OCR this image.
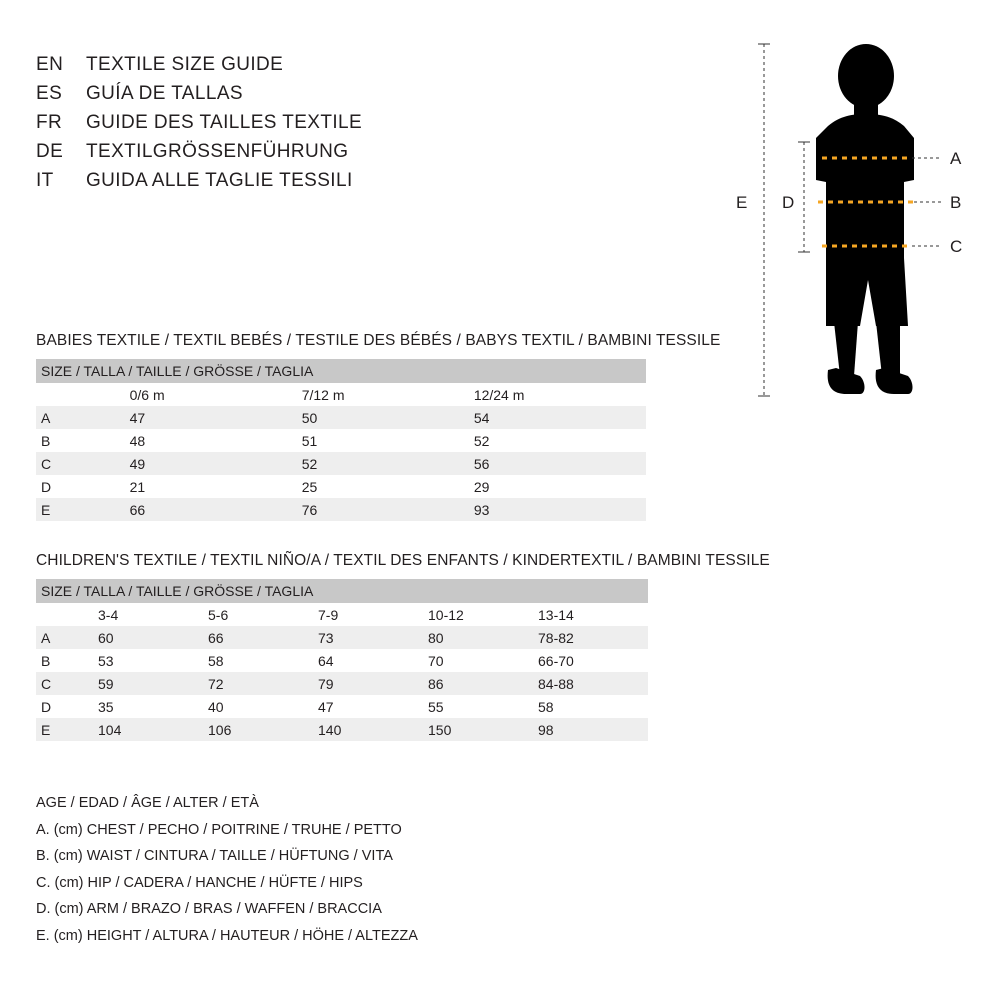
EN	TEXTILE SIZE GUIDE
ES	GUÍA DE TALLAS
FR	GUIDE DES TAILLES TEXTILE
DE	TEXTILGRÖSSENFÜHRUNG
IT	GUIDA ALLE TAGLIE TESSILI
BABIES TEXTILE / TEXTIL BEBÉS / TESTILE DES BÉBÉS / BABYS TEXTIL / BAMBINI TESSILE
SIZE / TALLA / TAILLE / GRÖSSE / TAGLIA			
	0/6 m	7/12 m	12/24 m
A	47	50	54
B	48	51	52
C	49	52	56
D	21	25	29
E	66	76	93
CHILDREN'S TEXTILE / TEXTIL NIÑO/A / TEXTIL DES ENFANTS / KINDERTEXTIL / BAMBINI TESSILE
SIZE / TALLA / TAILLE / GRÖSSE / TAGLIA					
	3-4	5-6	7-9	10-12	13-14
A	60	66	73	80	78-82
B	53	58	64	70	66-70
C	59	72	79	86	84-88
D	35	40	47	55	58
E	104	106	140	150	98
AGE / EDAD / ÂGE / ALTER / ETÀ
A. (cm) CHEST / PECHO / POITRINE / TRUHE / PETTO
B. (cm) WAIST / CINTURA / TAILLE / HÜFTUNG / VITA
C. (cm) HIP / CADERA / HANCHE / HÜFTE / HIPS
D. (cm) ARM / BRAZO / BRAS / WAFFEN / BRACCIA
E. (cm) HEIGHT / ALTURA / HAUTEUR / HÖHE / ALTEZZA
A
B
C
D
E
